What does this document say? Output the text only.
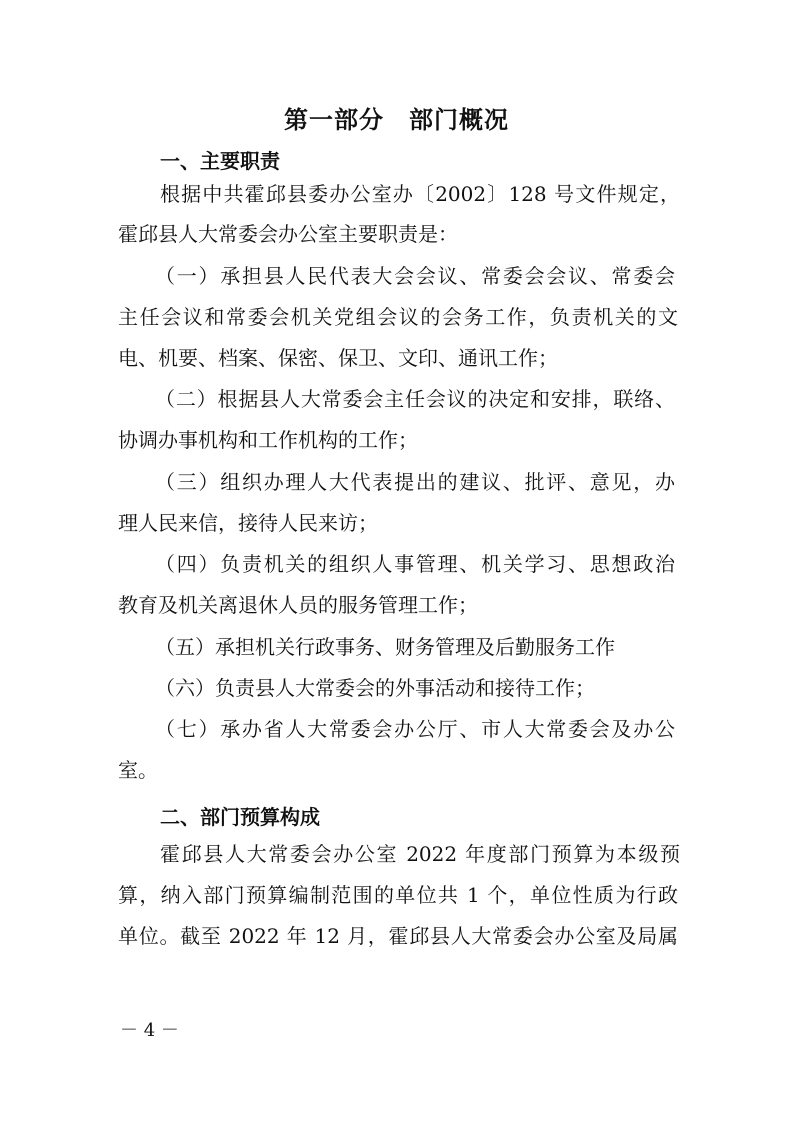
第一部分　部门概况
一、主要职责
根据中共霍邱县委办公室办〔2002〕128 号文件规定，
霍邱县人大常委会办公室主要职责是：
（一）承担县人民代表大会会议、常委会会议、常委会
主任会议和常委会机关党组会议的会务工作，负责机关的文
电、机要、档案、保密、保卫、文印、通讯工作；
（二）根据县人大常委会主任会议的决定和安排，联络、
协调办事机构和工作机构的工作；
（三）组织办理人大代表提出的建议、批评、意见，办
理人民来信，接待人民来访；
（四）负责机关的组织人事管理、机关学习、思想政治
教育及机关离退休人员的服务管理工作；
（五）承担机关行政事务、财务管理及后勤服务工作
（六）负责县人大常委会的外事活动和接待工作；
（七）承办省人大常委会办公厅、市人大常委会及办公
室。
二、部门预算构成
霍邱县人大常委会办公室 2022 年度部门预算为本级预
算，纳入部门预算编制范围的单位共 1 个，单位性质为行政
单位。截至 2022 年 12 月，霍邱县人大常委会办公室及局属
－ 4 －
